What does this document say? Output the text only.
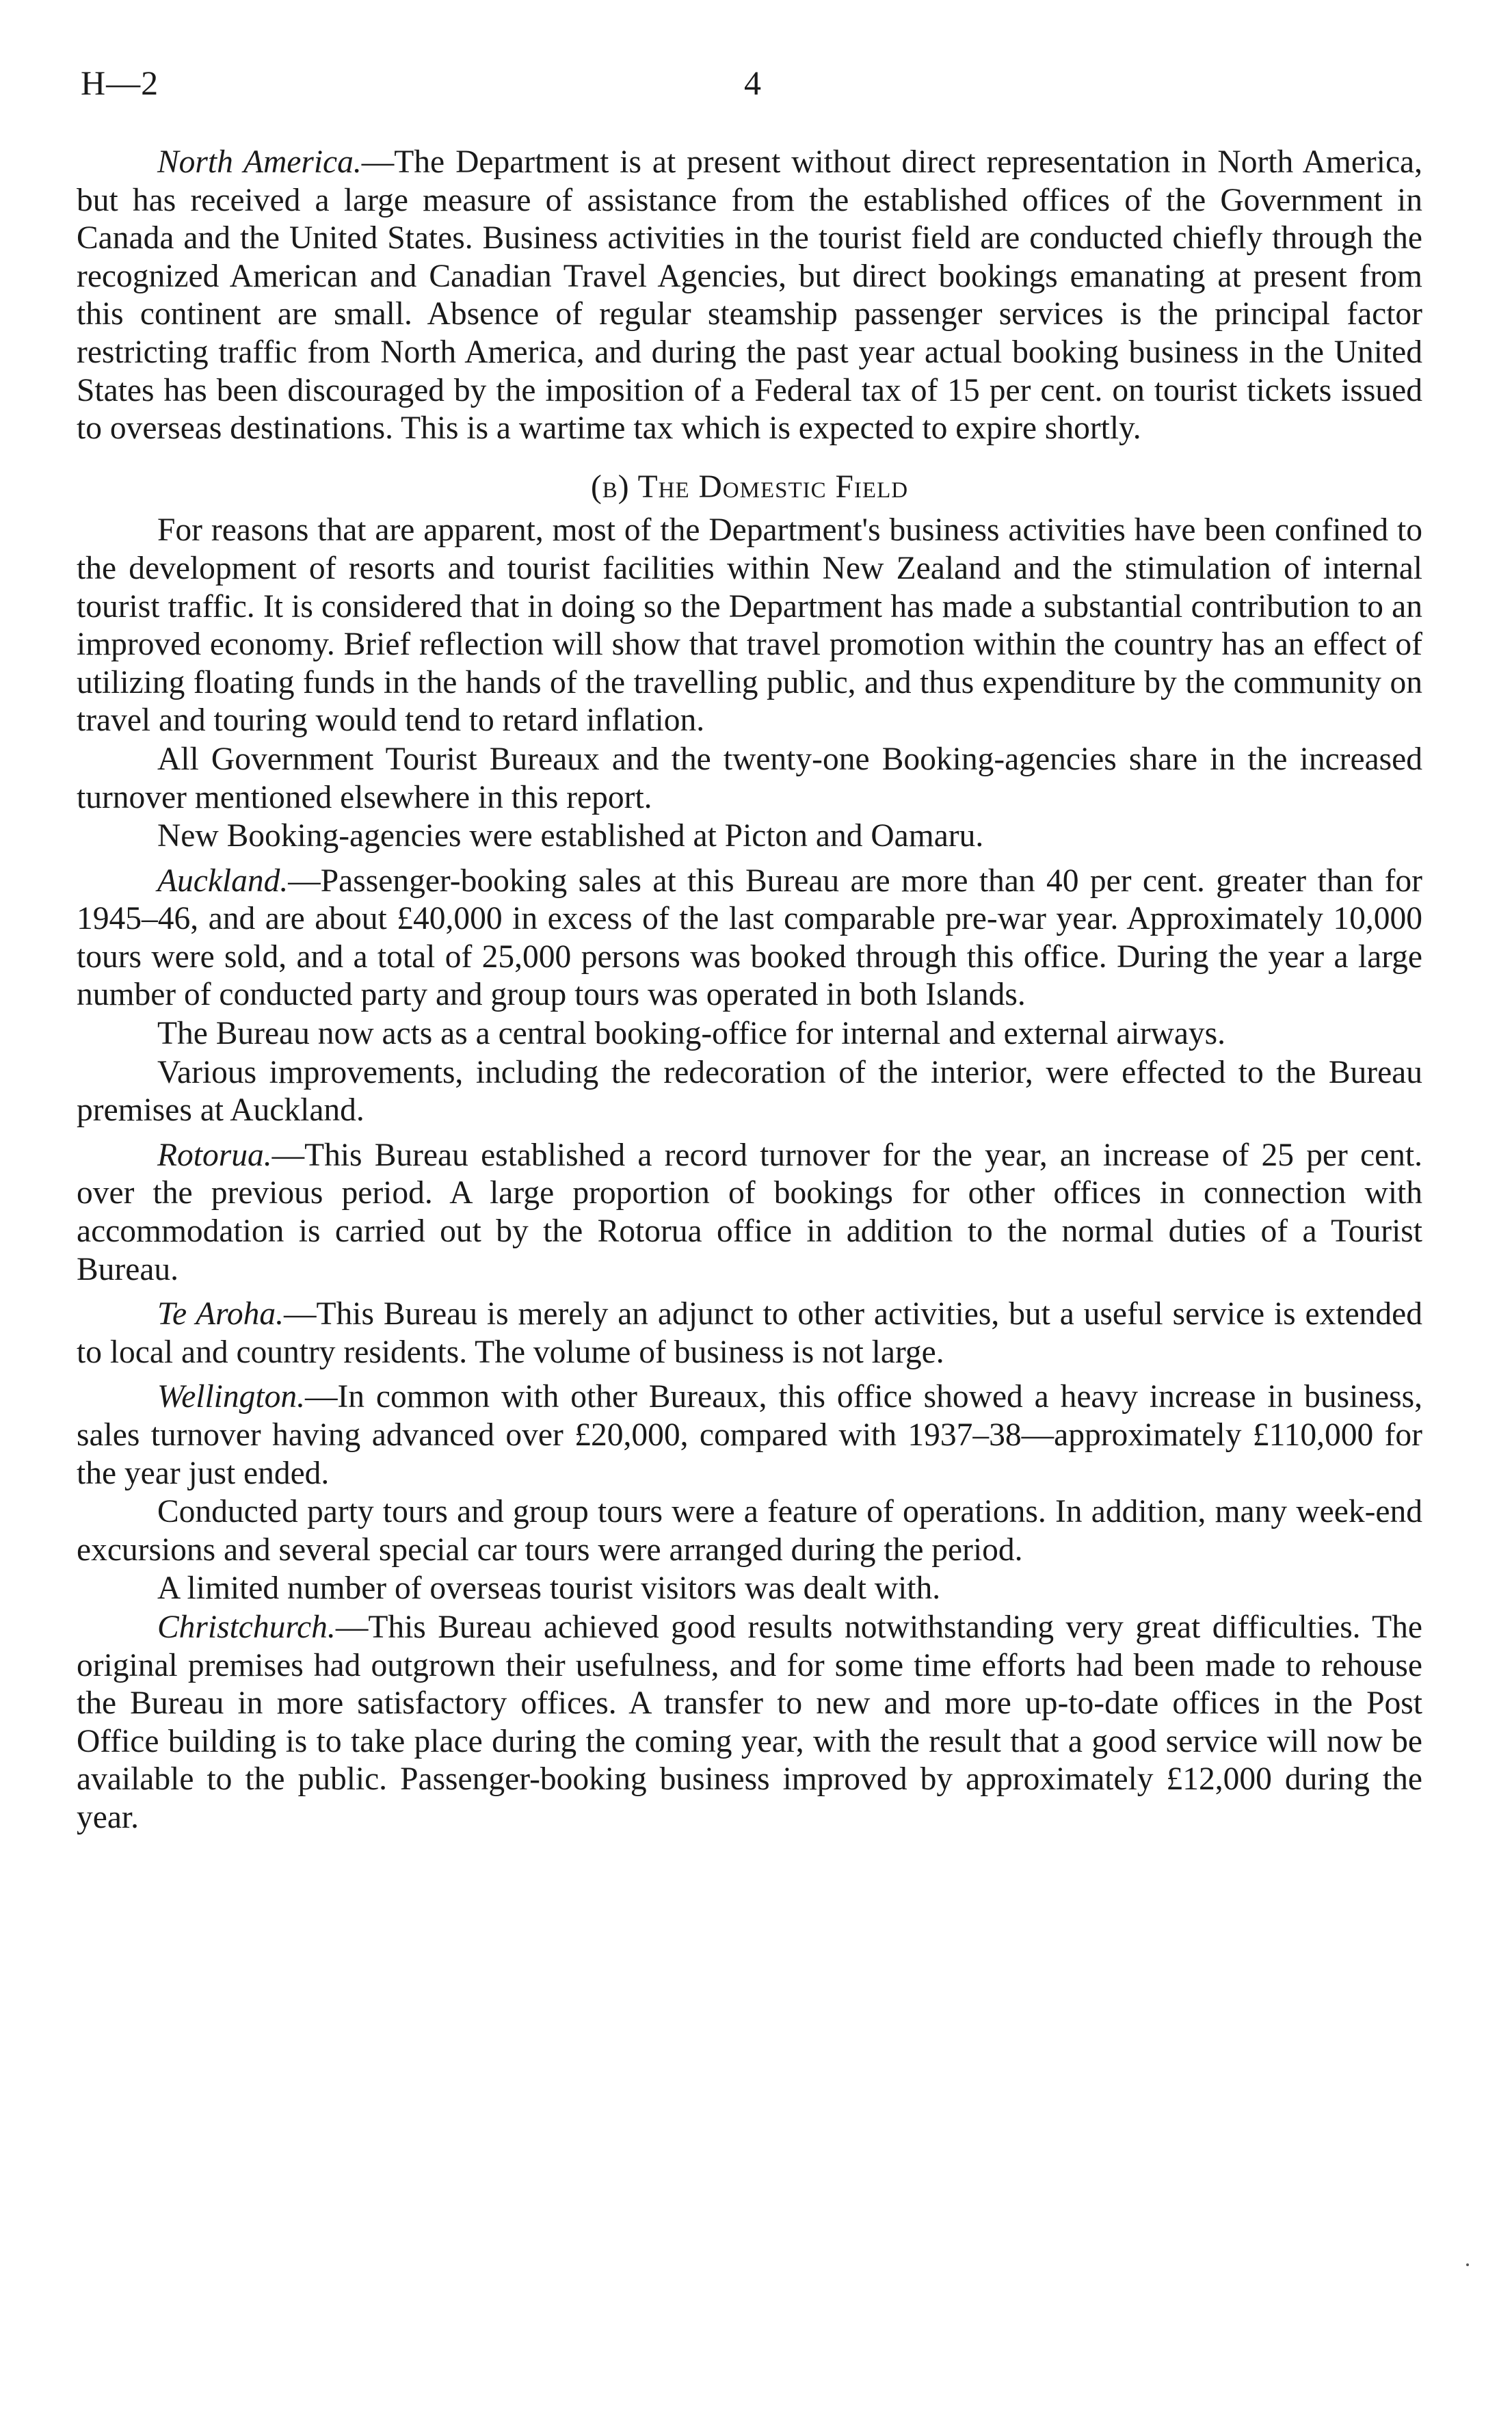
H—2	4

North America.—The Department is at present without direct representation in North America, but has received a large measure of assistance from the established offices of the Government in Canada and the United States. Business activities in the tourist field are conducted chiefly through the recognized American and Canadian Travel Agencies, but direct bookings emanating at present from this continent are small. Absence of regular steamship passenger services is the principal factor restricting traffic from North America, and during the past year actual booking business in the United States has been discouraged by the imposition of a Federal tax of 15 per cent. on tourist tickets issued to overseas destinations. This is a wartime tax which is expected to expire shortly.

(b) The Domestic Field

For reasons that are apparent, most of the Department's business activities have been confined to the development of resorts and tourist facilities within New Zealand and the stimulation of internal tourist traffic. It is considered that in doing so the Department has made a substantial contribution to an improved economy. Brief reflection will show that travel promotion within the country has an effect of utilizing floating funds in the hands of the travelling public, and thus expenditure by the community on travel and touring would tend to retard inflation.

All Government Tourist Bureaux and the twenty-one Booking-agencies share in the increased turnover mentioned elsewhere in this report.

New Booking-agencies were established at Picton and Oamaru.

Auckland.—Passenger-booking sales at this Bureau are more than 40 per cent. greater than for 1945–46, and are about £40,000 in excess of the last comparable pre-war year. Approximately 10,000 tours were sold, and a total of 25,000 persons was booked through this office. During the year a large number of conducted party and group tours was operated in both Islands.

The Bureau now acts as a central booking-office for internal and external airways.

Various improvements, including the redecoration of the interior, were effected to the Bureau premises at Auckland.

Rotorua.—This Bureau established a record turnover for the year, an increase of 25 per cent. over the previous period. A large proportion of bookings for other offices in connection with accommodation is carried out by the Rotorua office in addition to the normal duties of a Tourist Bureau.

Te Aroha.—This Bureau is merely an adjunct to other activities, but a useful service is extended to local and country residents. The volume of business is not large.

Wellington.—In common with other Bureaux, this office showed a heavy increase in business, sales turnover having advanced over £20,000, compared with 1937–38—approximately £110,000 for the year just ended.

Conducted party tours and group tours were a feature of operations. In addition, many week-end excursions and several special car tours were arranged during the period.

A limited number of overseas tourist visitors was dealt with.

Christchurch.—This Bureau achieved good results notwithstanding very great difficulties. The original premises had outgrown their usefulness, and for some time efforts had been made to rehouse the Bureau in more satisfactory offices. A transfer to new and more up-to-date offices in the Post Office building is to take place during the coming year, with the result that a good service will now be available to the public. Passenger-booking business improved by approximately £12,000 during the year.
